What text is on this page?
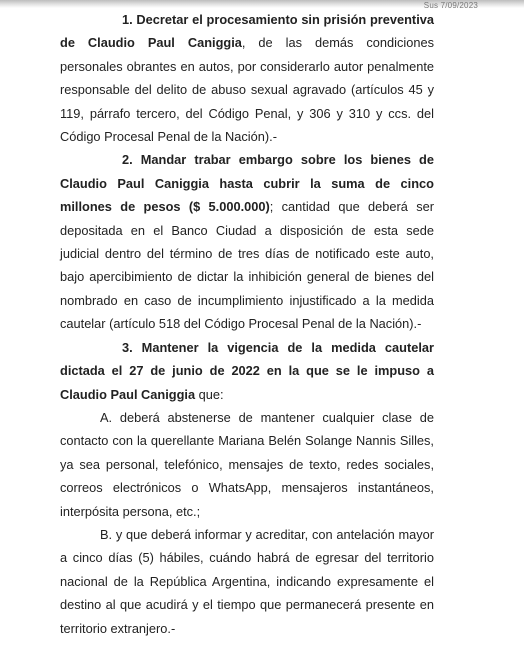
Sus 7/09/2023

1. Decretar el procesamiento sin prisión preventiva de Claudio Paul Caniggia, de las demás condiciones personales obrantes en autos, por considerarlo autor penalmente responsable del delito de abuso sexual agravado (artículos 45 y 119, párrafo tercero, del Código Penal, y 306 y 310 y ccs. del Código Procesal Penal de la Nación).-

2. Mandar trabar embargo sobre los bienes de Claudio Paul Caniggia hasta cubrir la suma de cinco millones de pesos ($ 5.000.000); cantidad que deberá ser depositada en el Banco Ciudad a disposición de esta sede judicial dentro del término de tres días de notificado este auto, bajo apercibimiento de dictar la inhibición general de bienes del nombrado en caso de incumplimiento injustificado a la medida cautelar (artículo 518 del Código Procesal Penal de la Nación).-

3. Mantener la vigencia de la medida cautelar dictada el 27 de junio de 2022 en la que se le impuso a Claudio Paul Caniggia que:

A. deberá abstenerse de mantener cualquier clase de contacto con la querellante Mariana Belén Solange Nannis Silles, ya sea personal, telefónico, mensajes de texto, redes sociales, correos electrónicos o WhatsApp, mensajeros instantáneos, interpósita persona, etc.;

B. y que deberá informar y acreditar, con antelación mayor a cinco días (5) hábiles, cuándo habrá de egresar del territorio nacional de la República Argentina, indicando expresamente el destino al que acudirá y el tiempo que permanecerá presente en territorio extranjero.-
